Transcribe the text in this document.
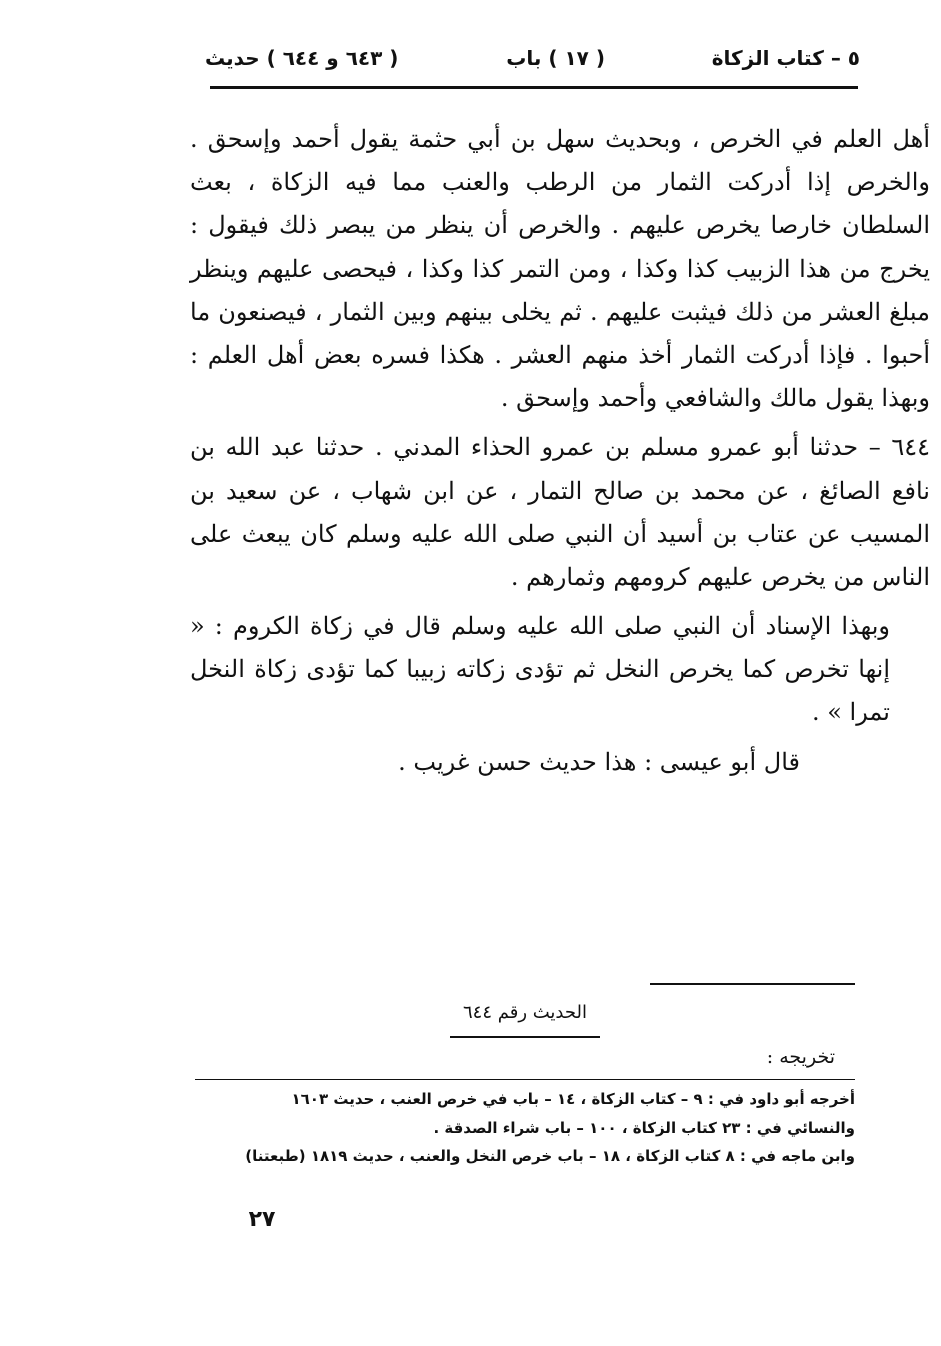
٥ – كتاب الزكاة
( ١٧ ) باب
( ٦٤٣ و ٦٤٤ ) حديث

أهل العلم في الخرص ، وبحديث سهل بن أبي حثمة يقول أحمد وإسحق . والخرص إذا أدركت الثمار من الرطب والعنب مما فيه الزكاة ، بعث السلطان خارصا يخرص عليهم . والخرص أن ينظر من يبصر ذلك فيقول : يخرج من هذا الزبيب كذا وكذا ، ومن التمر كذا وكذا ، فيحصى عليهم وينظر مبلغ العشر من ذلك فيثبت عليهم . ثم يخلى بينهم وبين الثمار ، فيصنعون ما أحبوا . فإذا أدركت الثمار أخذ منهم العشر . هكذا فسره بعض أهل العلم : وبهذا يقول مالك والشافعي وأحمد وإسحق .

٦٤٤ – حدثنا أبو عمرو مسلم بن عمرو الحذاء المدني . حدثنا عبد الله بن نافع الصائغ ، عن محمد بن صالح التمار ، عن ابن شهاب ، عن سعيد بن المسيب عن عتاب بن أسيد أن النبي صلى الله عليه وسلم كان يبعث على الناس من يخرص عليهم كرومهم وثمارهم .

وبهذا الإسناد أن النبي صلى الله عليه وسلم قال في زكاة الكروم : « إنها تخرص كما يخرص النخل ثم تؤدى زكاته زبيبا كما تؤدى زكاة النخل تمرا » .

قال أبو عيسى : هذا حديث حسن غريب .

الحديث رقم ٦٤٤
تخريجه :

أخرجه أبو داود في : ٩ – كتاب الزكاة ، ١٤ – باب في خرص العنب ، حديث ١٦٠٣

والنسائي في : ٢٣ كتاب الزكاة ، ١٠٠ – باب شراء الصدقة .

وابن ماجه في : ٨ كتاب الزكاة ، ١٨ – باب خرص النخل والعنب ، حديث ١٨١٩ (طبعتنا)

٢٧
